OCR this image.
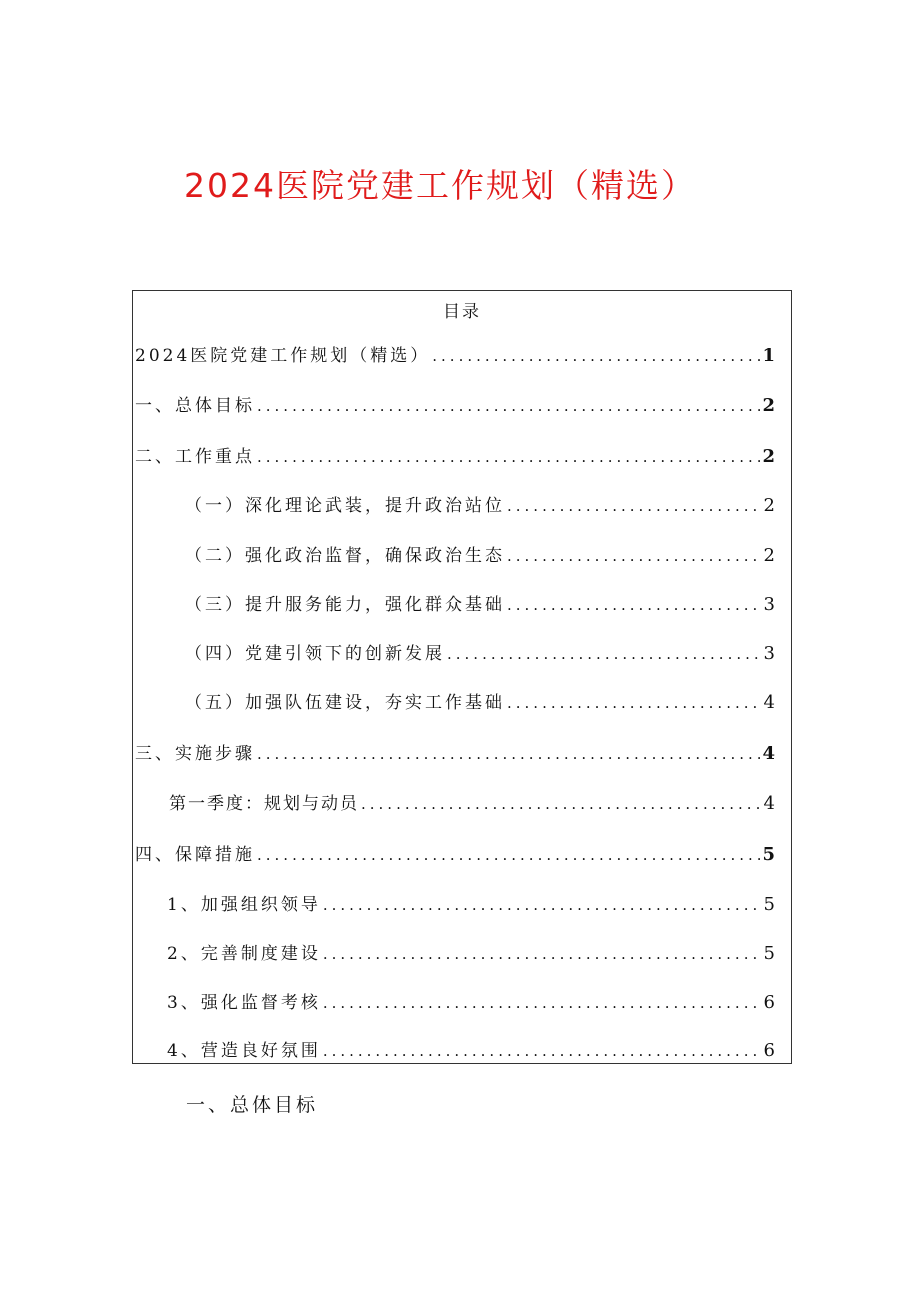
2024医院党建工作规划（精选）
目录
2024医院党建工作规划（精选） .....	1
一、总体目标 .....	2
二、工作重点 .....	2
（一）深化理论武装，提升政治站位 .....	2
（二）强化政治监督，确保政治生态 .....	2
（三）提升服务能力，强化群众基础 .....	3
（四）党建引领下的创新发展 .....	3
（五）加强队伍建设，夯实工作基础 .....	4
三、实施步骤 .....	4
第一季度：规划与动员 .....	4
四、保障措施 .....	5
1、加强组织领导 .....	5
2、完善制度建设 .....	5
3、强化监督考核 .....	6
4、营造良好氛围 .....	6
一、总体目标
